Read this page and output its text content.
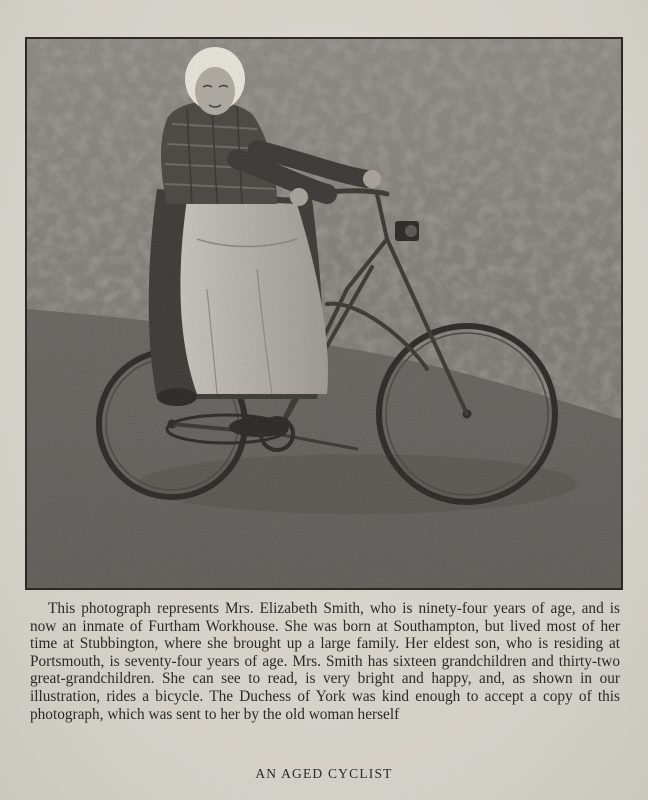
This photograph represents Mrs. Elizabeth Smith, who is ninety-four years of age, and is now an inmate of Furtham Workhouse. She was born at Southampton, but lived most of her time at Stubbington, where she brought up a large family. Her eldest son, who is residing at Portsmouth, is seventy-four years of age. Mrs. Smith has sixteen grandchildren and thirty-two great-grandchildren. She can see to read, is very bright and happy, and, as shown in our illustration, rides a bicycle. The Duchess of York was kind enough to accept a copy of this photograph, which was sent to her by the old woman herself

AN AGED CYCLIST
